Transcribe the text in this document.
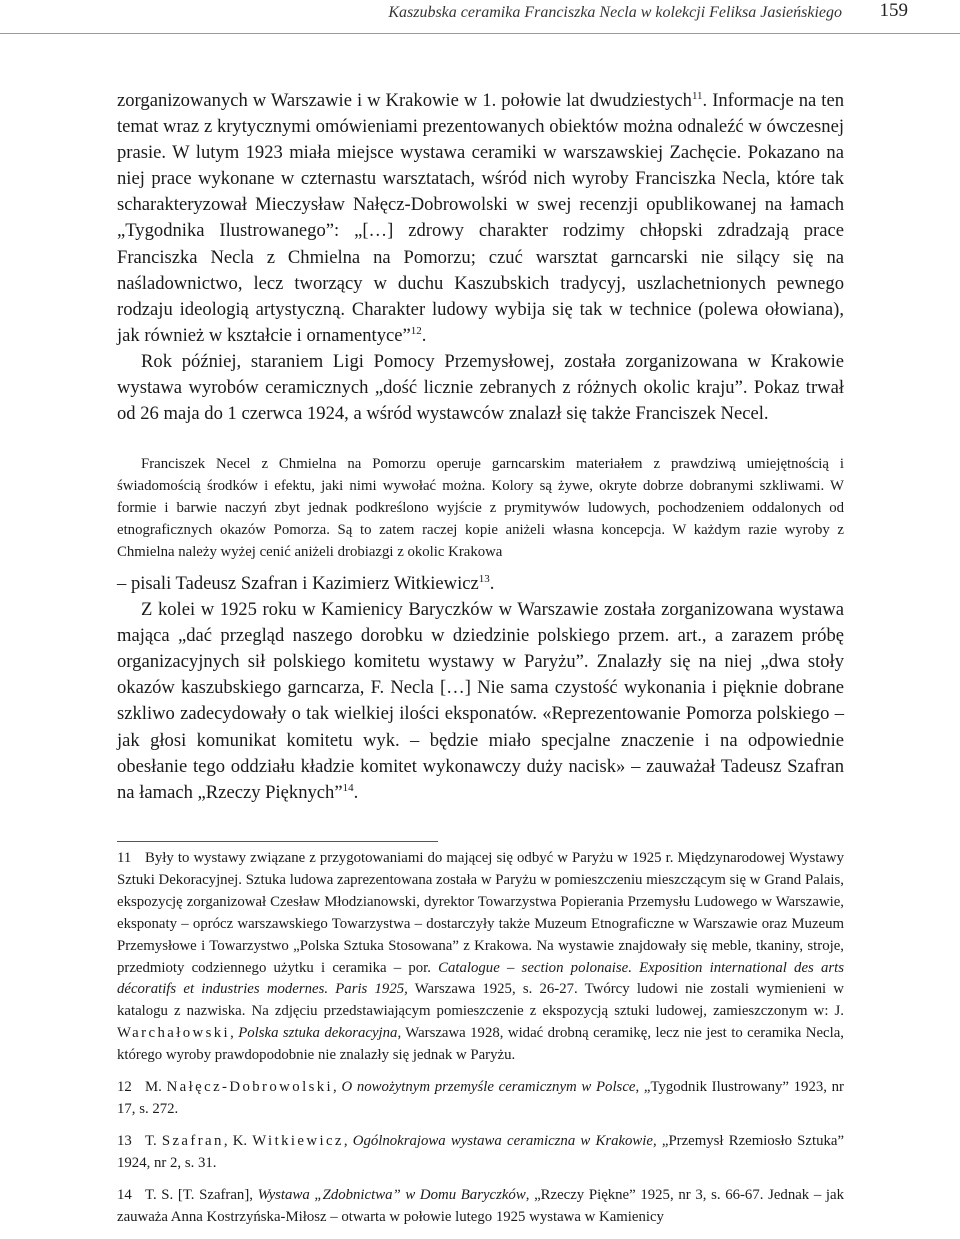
Kaszubska ceramika Franciszka Necla w kolekcji Feliksa Jasieńskiego 159

zorganizowanych w Warszawie i w Krakowie w 1. połowie lat dwudziestych$^{11}$. Informacje na ten temat wraz z krytycznymi omówieniami prezentowanych obiektów można odnaleźć w ówczesnej prasie. W lutym 1923 miała miejsce wystawa ceramiki w warszawskiej Zachęcie. Pokazano na niej prace wykonane w czternastu warsztatach, wśród nich wyroby Franciszka Necla, które tak scharakteryzował Mieczysław Nałęcz-Dobrowolski w swej recenzji opublikowanej na łamach „Tygodnika Ilustrowanego”: „[…] zdrowy charakter rodzimy chłopski zdradzają prace Franciszka Necla z Chmielna na Pomorzu; czuć warsztat garncarski nie silący się na naśladownictwo, lecz tworzący w duchu Kaszubskich tradycyj, uszlachetnionych pewnego rodzaju ideologią artystyczną. Charakter ludowy wybija się tak w technice (polewa ołowiana), jak również w kształcie i ornamentyce”$^{12}$.

Rok później, staraniem Ligi Pomocy Przemysłowej, została zorganizowana w Krakowie wystawa wyrobów ceramicznych „dość licznie zebranych z różnych okolic kraju”. Pokaz trwał od 26 maja do 1 czerwca 1924, a wśród wystawców znalazł się także Franciszek Necel.

Franciszek Necel z Chmielna na Pomorzu operuje garncarskim materiałem z prawdziwą umiejętnością i świadomością środków i efektu, jaki nimi wywołać można. Kolory są żywe, okryte dobrze dobranymi szkliwami. W formie i barwie naczyń zbyt jednak podkreślono wyjście z prymitywów ludowych, pochodzeniem oddalonych od etnograficznych okazów Pomorza. Są to zatem raczej kopie aniżeli własna koncepcja. W każdym razie wyroby z Chmielna należy wyżej cenić aniżeli drobiazgi z okolic Krakowa

– pisali Tadeusz Szafran i Kazimierz Witkiewicz$^{13}$.

Z kolei w 1925 roku w Kamienicy Baryczków w Warszawie została zorganizowana wystawa mająca „dać przegląd naszego dorobku w dziedzinie polskiego przem. art., a zarazem próbę organizacyjnych sił polskiego komitetu wystawy w Paryżu”. Znalazły się na niej „dwa stoły okazów kaszubskiego garncarza, F. Necla […] Nie sama czystość wykonania i pięknie dobrane szkliwo zadecydowały o tak wielkiej ilości eksponatów. «Reprezentowanie Pomorza polskiego – jak głosi komunikat komitetu wyk. – będzie miało specjalne znaczenie i na odpowiednie obesłanie tego oddziału kładzie komitet wykonawczy duży nacisk» – zauważał Tadeusz Szafran na łamach „Rzeczy Pięknych”$^{14}$.

11 Były to wystawy związane z przygotowaniami do mającej się odbyć w Paryżu w 1925 r. Międzynarodowej Wystawy Sztuki Dekoracyjnej. Sztuka ludowa zaprezentowana została w Paryżu w pomieszczeniu mieszczącym się w Grand Palais, ekspozycję zorganizował Czesław Młodzianowski, dyrektor Towarzystwa Popierania Przemysłu Ludowego w Warszawie, eksponaty – oprócz warszawskiego Towarzystwa – dostarczyły także Muzeum Etnograficzne w Warszawie oraz Muzeum Przemysłowe i Towarzystwo „Polska Sztuka Stosowana” z Krakowa. Na wystawie znajdowały się meble, tkaniny, stroje, przedmioty codziennego użytku i ceramika – por. Catalogue – section polonaise. Exposition international des arts décoratifs et industries modernes. Paris 1925, Warszawa 1925, s. 26-27. Twórcy ludowi nie zostali wymienieni w katalogu z nazwiska. Na zdjęciu przedstawiającym pomieszczenie z ekspozycją sztuki ludowej, zamieszczonym w: J. Warchałowski, Polska sztuka dekoracyjna, Warszawa 1928, widać drobną ceramikę, lecz nie jest to ceramika Necla, którego wyroby prawdopodobnie nie znalazły się jednak w Paryżu.

12 M. Nałęcz-Dobrowolski, O nowożytnym przemyśle ceramicznym w Polsce, „Tygodnik Ilustrowany” 1923, nr 17, s. 272.

13 T. Szafran, K. Witkiewicz, Ogólnokrajowa wystawa ceramiczna w Krakowie, „Przemysł Rzemiosło Sztuka” 1924, nr 2, s. 31.

14 T. S. [T. Szafran], Wystawa „Zdobnictwa” w Domu Baryczków, „Rzeczy Piękne” 1925, nr 3, s. 66-67. Jednak – jak zauważa Anna Kostrzyńska-Miłosz – otwarta w połowie lutego 1925 wystawa w Kamienicy
